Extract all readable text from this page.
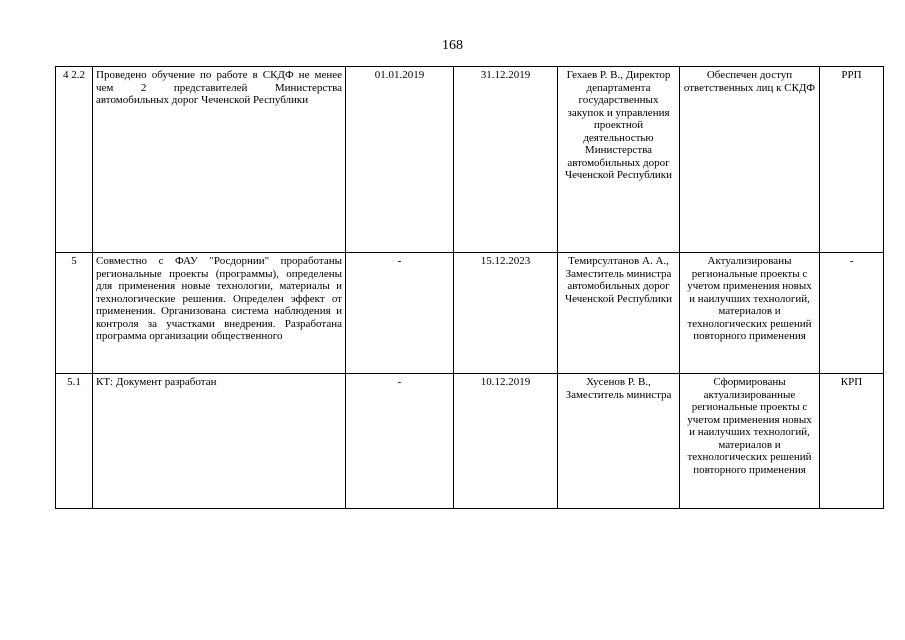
168
4 2.2	Проведено обучение по работе в СКДФ не менее чем 2 представителей Министерства автомобильных дорог Чеченской Республики	01.01.2019	31.12.2019	Гехаев Р. В., Директор департамента государственных закупок и управления проектной деятельностью Министерства автомобильных дорог Чеченской Республики	Обеспечен доступ ответственных лиц к СКДФ	РРП
5	Совместно с ФАУ "Росдорнии" проработаны региональные проекты (программы), определены для применения новые технологии, материалы и технологические решения. Определен эффект от применения. Организована система наблюдения и контроля за участками внедрения. Разработана программа организации общественного	-	15.12.2023	Темирсултанов А. А., Заместитель министра автомобильных дорог Чеченской Республики	Актуализированы региональные проекты с учетом применения новых и наилучших технологий, материалов и технологических решений повторного применения	-
5.1	КТ: Документ разработан	-	10.12.2019	Хусенов Р. В., Заместитель министра	Сформированы актуализированные региональные проекты с учетом применения новых и наилучших технологий, материалов и технологических решений повторного применения	КРП
